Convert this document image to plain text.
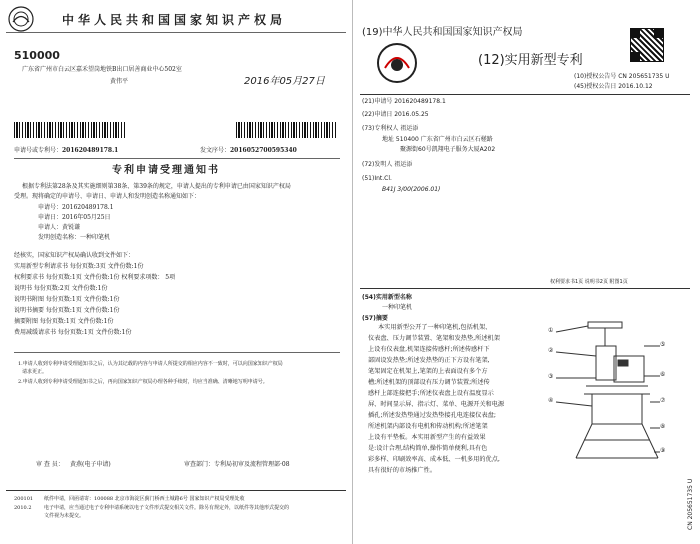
中华人民共和国国家知识产权局
510000
广东省广州市白云区嘉禾望岗地铁B出口居善商业中心502室
黄伟平	2016年05月27日
申请号或专利号： 201620489178.1	发文序号： 2016052700595340
专利申请受理通知书
根据专利法第28条及其实施细则第38条、第39条的规定，申请人提出的专利申请已由国家知识产权局
受理。现将确定的申请号、申请日、申请人和发明创造名称通知如下：
申请号：201620489178.1
申请日：2016年05月25日
申请人：黄锐谦
发明创造名称：一种印笔机
经核实，国家知识产权局确认收到文件如下：
实用新型专利请求书 每份页数:3页 文件份数:1份
权利要求书 每份页数:1页 文件份数:1份 权利要求项数： 5项
说明书 每份页数:2页 文件份数:1份
说明书附图 每份页数:1页 文件份数:1份
说明书摘要 每份页数:1页 文件份数:1份
摘要附图 每份页数:1页 文件份数:1份
费用减缓请求书 每份页数:1页 文件份数:1份
1.申请人收到专利申请受理通知书之后，认为其记载的内容与申请人所提交的相应内容不一致时，可以向国家知识产权局
请求更正。
2.申请人收到专利申请受理通知书之后，再向国家知识产权局办理各种手续时，均应当准确、清晰地写明申请号。
审 查 员： 黄燕(电子申请)	审查部门：专利局初审及流程管理部·08
200101
2010.2
纸件申请，回函请寄：100088 北京市海淀区蓟门桥西土城路6号 国家知识产权局受理处收
电子申请，应当通过电子专利申请系统以电子文件形式提交相关文件。除另有规定外，以纸件等其他形式提交的
文件视为未提交。
(19)中华人民共和国国家知识产权局
(12)实用新型专利
(10)授权公告号 CN 205651735 U
(45)授权公告日 2016.10.12
(21)申请号 201620489178.1
(22)申请日 2016.05.25
(73)专利权人 祖运添
地址 510400 广东省广州市白云区石槎路
聚源街60号凯翔电子服务大厦A202
(72)发明人 祖运添
(51)Int.Cl.
B41J 3/00(2006.01)
权利要求书1页 说明书2页 附图1页
(54)实用新型名称
一种印笔机
(57)摘要
本实用新型公开了一种印笔机,包括机架、
仪表盘、压力调节装置、笔架和发热垫,所述机架
上设有仪表盘,机架连接传感杆;所述传感杆下
部固设发热垫;所述发热垫的正下方设有笔架,
笔架固定在机架上,笔架的上表面设有多个方
槽;所述机架的顶部设有压力调节装置;所述传
感杆上部连接把手;所述仪表盘上设有温度显示
屏、时间显示屏、指示灯、菜单、电源开关和电源
插孔;所述发热垫通过发热垫接孔电连接仪表盘;
所述机架内部设有电机和传动机构;所述笔架
上设有平垫板。本实用新型产生的有益效果
是:设计合理,结构简单,操作简单便利,具有色
彩多样、印刷效率高、成本低、一机多用的优点,
具有很好的市场推广性。
①
②
③
④
⑤
⑥
⑦
⑧
⑨
CN 205651735 U
